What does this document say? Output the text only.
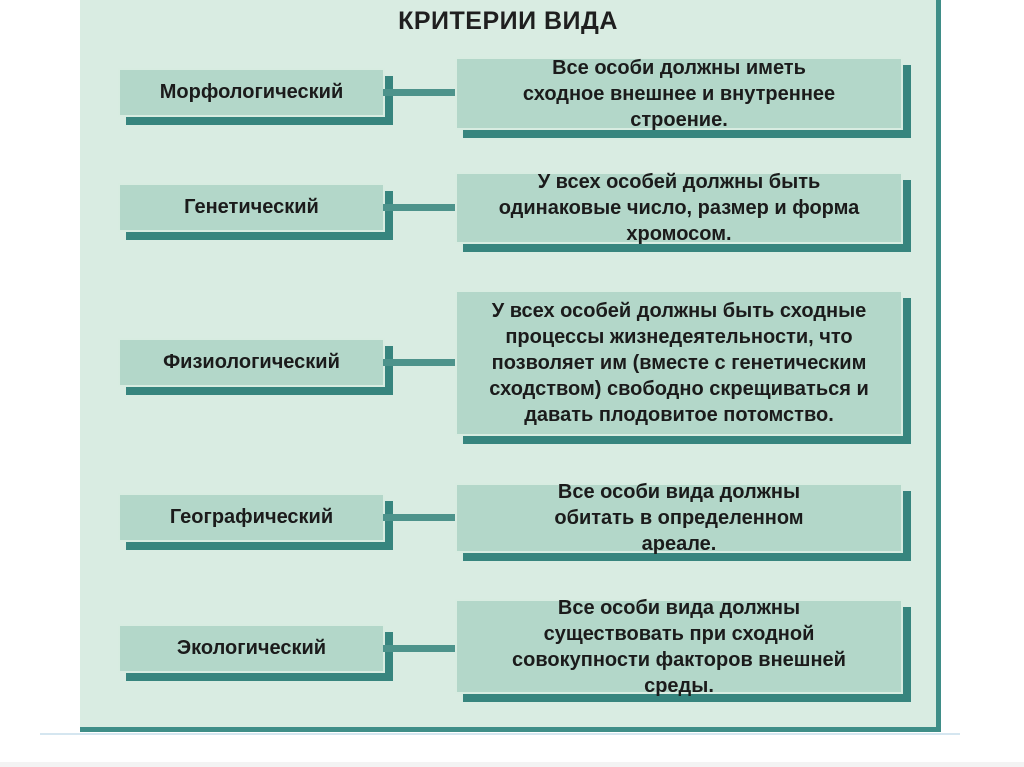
КРИТЕРИИ ВИДА
Морфологический
Все особи должны иметь сходное внешнее и внутреннее строение.
Генетический
У всех особей должны быть одинаковые число, размер и форма хромосом.
Физиологический
У всех особей должны быть сходные процессы жизнедеятельности, что позволяет им (вместе с генетическим сходством) свободно скрещиваться и давать плодовитое потомство.
Географический
Все особи вида должны обитать в определенном ареале.
Экологический
Все особи вида должны существовать при сходной совокупности факторов внешней среды.
